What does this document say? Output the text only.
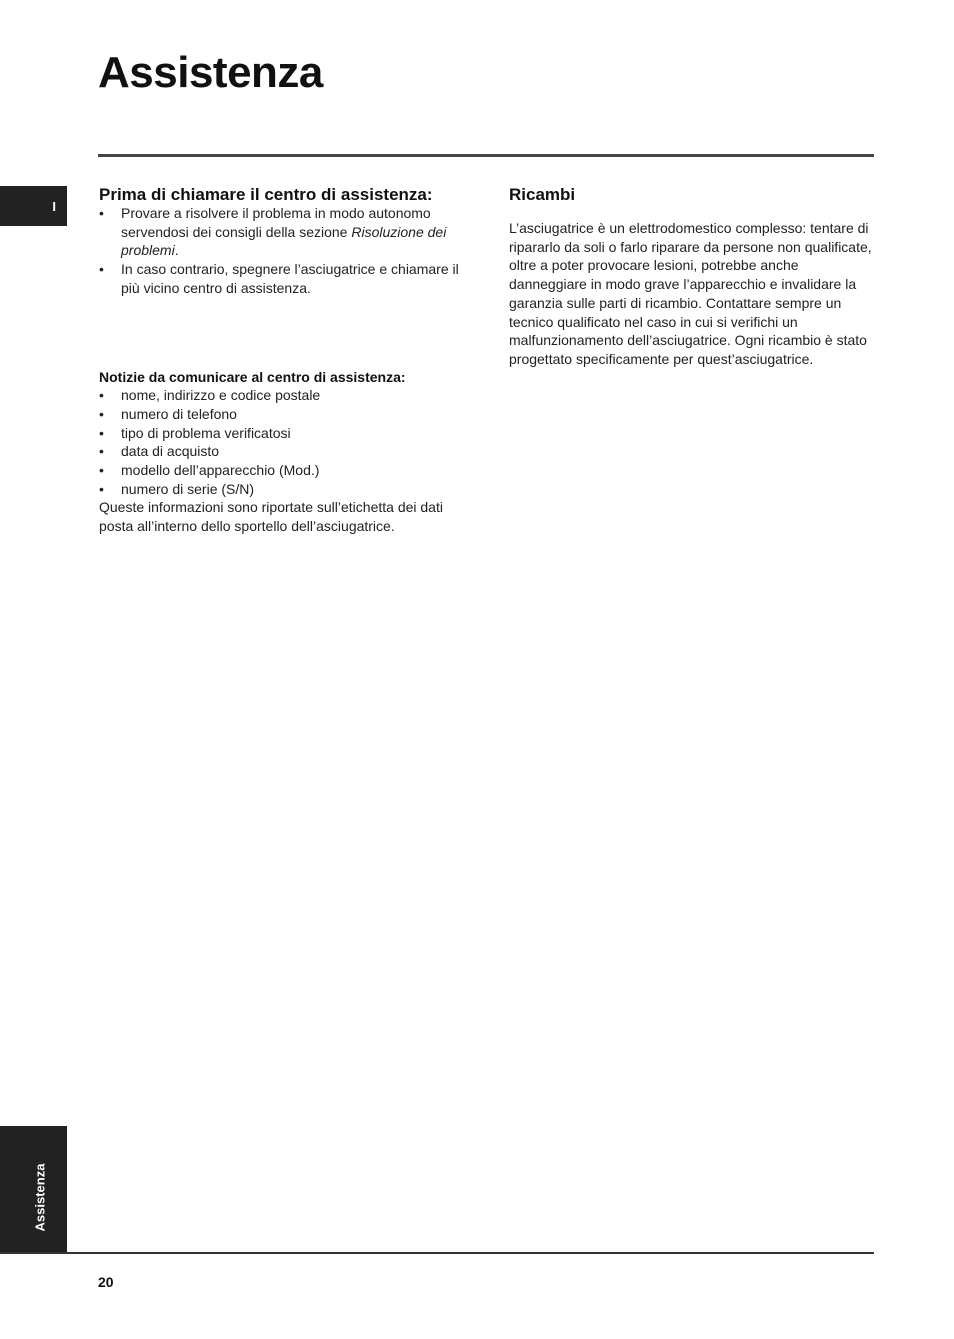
Assistenza
I
Prima di chiamare il centro di assistenza:
• Provare a risolvere il problema in modo autonomo servendosi dei consigli della sezione Risoluzione dei problemi.
• In caso contrario, spegnere l’asciugatrice e chiamare il più vicino centro di assistenza.
Notizie da comunicare al centro di assistenza:
• nome, indirizzo e codice postale
• numero di telefono
• tipo di problema verificatosi
• data di acquisto
• modello dell’apparecchio (Mod.)
• numero di serie (S/N)
Queste informazioni sono riportate sull’etichetta dei dati posta all’interno dello sportello dell’asciugatrice.
Ricambi
L’asciugatrice è un elettrodomestico complesso: tentare di ripararlo da soli o farlo riparare da persone non qualificate, oltre a poter provocare lesioni, potrebbe anche danneggiare in modo grave l’apparecchio e invalidare la garanzia sulle parti di ricambio. Contattare sempre un tecnico qualificato nel caso in cui si verifichi un malfunzionamento dell’asciugatrice. Ogni ricambio è stato progettato specificamente per quest’asciugatrice.
Assistenza
20
